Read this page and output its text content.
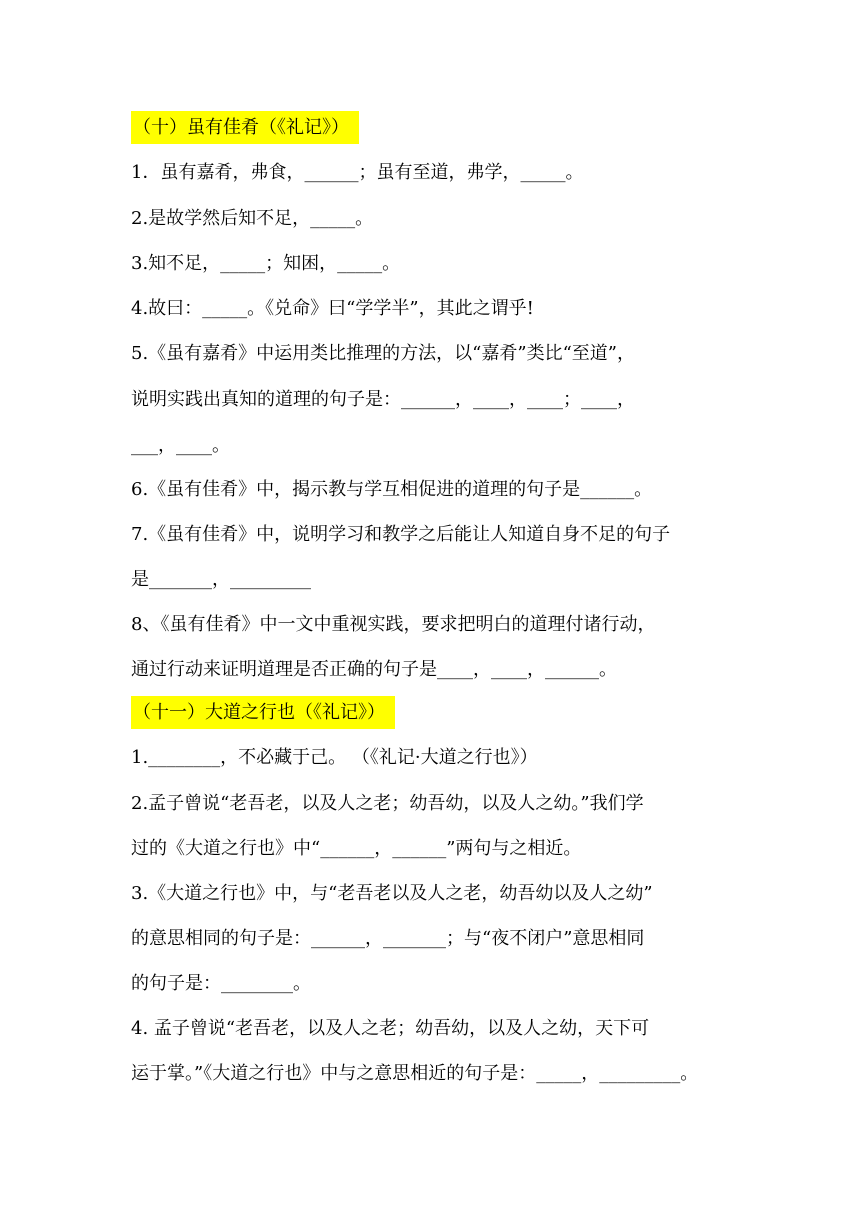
（十）虽有佳肴（《礼记》）
1．虽有嘉肴，弗食，______；虽有至道，弗学，_____。
2.是故学然后知不足，_____。
3.知不足，_____；知困，_____。
4.故曰：_____。《兑命》曰“学学半”，其此之谓乎!
5.《虽有嘉肴》中运用类比推理的方法，以“嘉肴”类比“至道”，
说明实践出真知的道理的句子是：______，____，____；____，
___，____。
6.《虽有佳肴》中，揭示教与学互相促进的道理的句子是______。
7.《虽有佳肴》中，说明学习和教学之后能让人知道自身不足的句子
是_______，_________
8、《虽有佳肴》中一文中重视实践，要求把明白的道理付诸行动，
通过行动来证明道理是否正确的句子是____，____，______。
（十一）大道之行也（《礼记》）
1.________，不必藏于己。 （《礼记·大道之行也》）
2.孟子曾说“老吾老，以及人之老；幼吾幼，以及人之幼。”我们学
过的《大道之行也》中“______，______”两句与之相近。
3.《大道之行也》中，与“老吾老以及人之老，幼吾幼以及人之幼”
的意思相同的句子是：______，_______；与“夜不闭户”意思相同
的句子是：________。
4. 孟子曾说“老吾老，以及人之老；幼吾幼，以及人之幼，天下可
运于掌。”《大道之行也》中与之意思相近的句子是：_____，_________。
